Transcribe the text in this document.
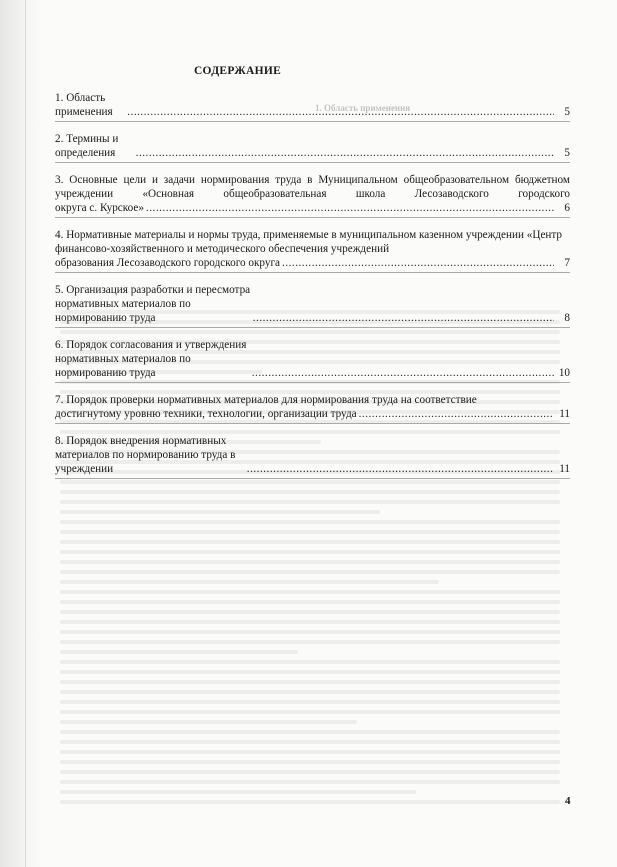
1. Область применения
СОДЕРЖАНИЕ
1. Область применения .....	5
2. Термины и определения .....	5
3. Основные цели и задачи нормирования труда в Муниципальном общеобразовательном бюджетном учреждении «Основная общеобразовательная школа Лесозаводского городского
округа с. Курское» .....	6
4. Нормативные материалы и нормы труда, применяемые в муниципальном казенном учреждении «Центр финансово-хозяйственного и методического обеспечения учреждений
образования Лесозаводского городского округа .....	7
5. Организация разработки и пересмотра нормативных материалов по нормированию труда .....	8
6. Порядок согласования и утверждения нормативных материалов по нормированию труда .....	10
7. Порядок проверки нормативных материалов для нормирования труда на соответствие
достигнутому уровню техники, технологии, организации труда .....	11
8. Порядок внедрения нормативных материалов по нормированию труда в учреждении .....	11
4
